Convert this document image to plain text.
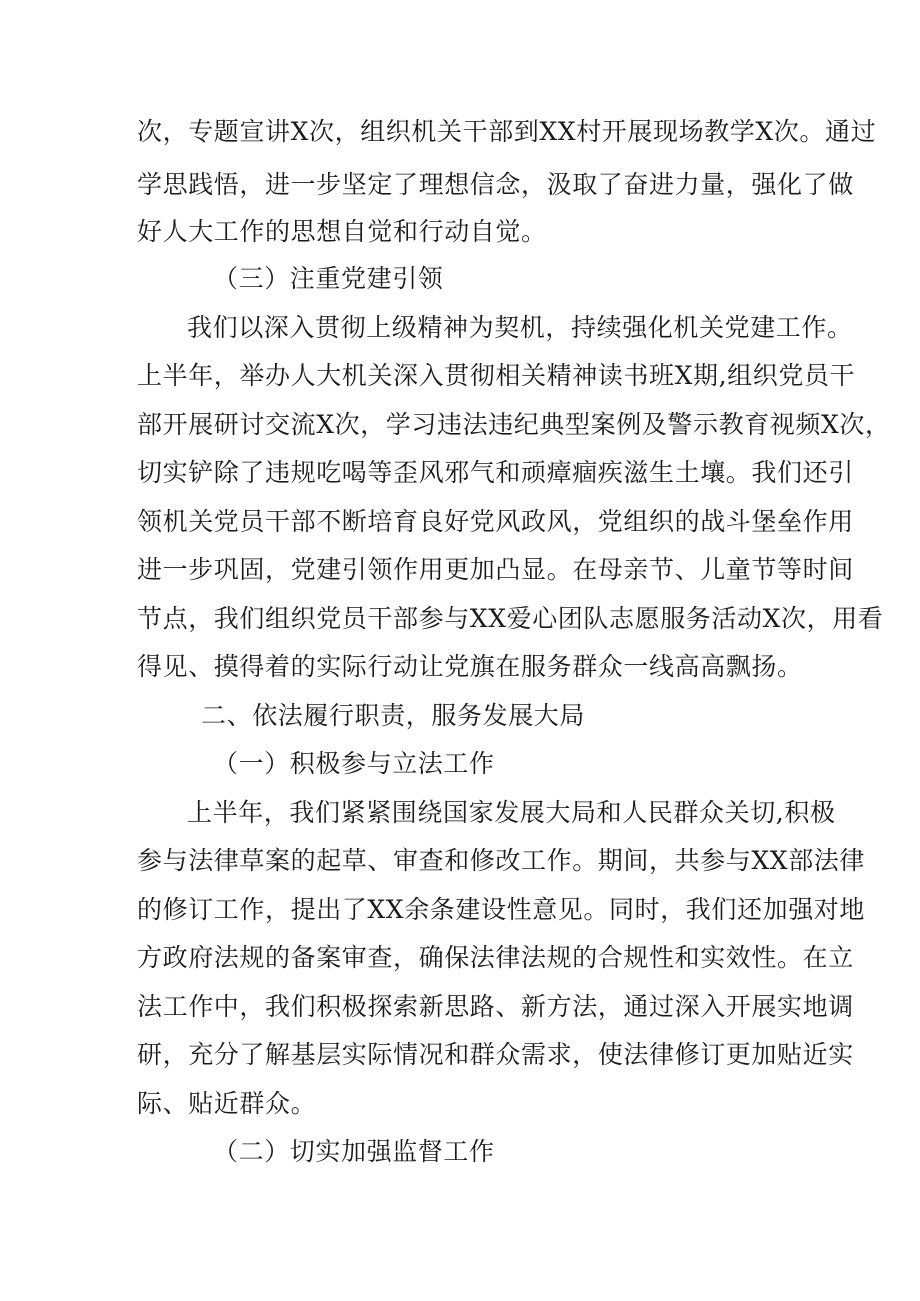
次，专题宣讲X次，组织机关干部到XX村开展现场教学X次。通过
学思践悟，进一步坚定了理想信念，汲取了奋进力量，强化了做
好人大工作的思想自觉和行动自觉。
（三）注重党建引领
我们以深入贯彻上级精神为契机，持续强化机关党建工作。
上半年，举办人大机关深入贯彻相关精神读书班X期,组织党员干
部开展研讨交流X次，学习违法违纪典型案例及警示教育视频X次，
切实铲除了违规吃喝等歪风邪气和顽瘴痼疾滋生土壤。我们还引
领机关党员干部不断培育良好党风政风，党组织的战斗堡垒作用
进一步巩固，党建引领作用更加凸显。在母亲节、儿童节等时间
节点，我们组织党员干部参与XX爱心团队志愿服务活动X次，用看
得见、摸得着的实际行动让党旗在服务群众一线高高飘扬。
二、依法履行职责，服务发展大局
（一）积极参与立法工作
上半年，我们紧紧围绕国家发展大局和人民群众关切,积极
参与法律草案的起草、审查和修改工作。期间，共参与XX部法律
的修订工作，提出了XX余条建设性意见。同时，我们还加强对地
方政府法规的备案审查，确保法律法规的合规性和实效性。在立
法工作中，我们积极探索新思路、新方法，通过深入开展实地调
研，充分了解基层实际情况和群众需求，使法律修订更加贴近实
际、贴近群众。
（二）切实加强监督工作
